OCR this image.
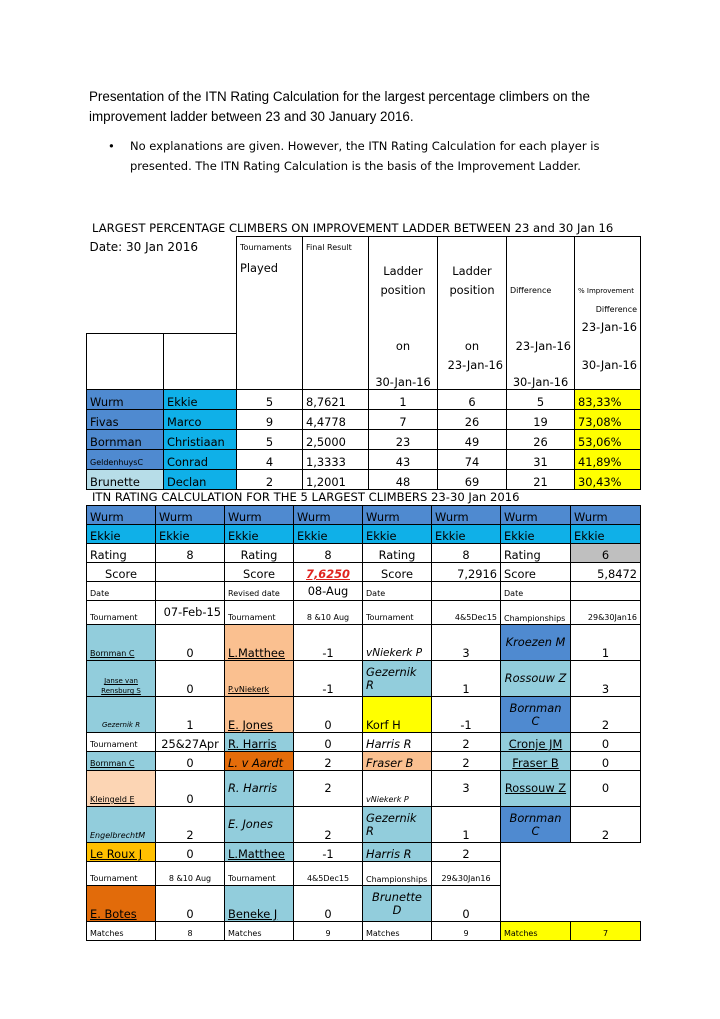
Presentation of the ITN Rating Calculation for the largest percentage climbers on the improvement ladder between 23 and 30 January 2016.
• No explanations are given. However, the ITN Rating Calculation for each player is presented. The ITN Rating Calculation is the basis of the Improvement Ladder.
LARGEST PERCENTAGE CLIMBERS ON IMPROVEMENT LADDER BETWEEN 23 and 30 Jan 16
Date: 30 Jan 2016		Tournaments	Final Result				% Improvement
		Played		Ladder	Ladder		
				position	position	Difference	
							Difference
							23-Jan-16
				on	on	23-Jan-16	
					23-Jan-16		30-Jan-16
				30-Jan-16		30-Jan-16	
Wurm	Ekkie	5	8,7621	1	6	5	83,33%
Fivas	Marco	9	4,4778	7	26	19	73,08%
Bornman	Christiaan	5	2,5000	23	49	26	53,06%
GeldenhuysC	Conrad	4	1,3333	43	74	31	41,89%
Brunette	Declan	2	1,2001	48	69	21	30,43%
ITN RATING CALCULATION FOR THE 5 LARGEST CLIMBERS 23-30 Jan 2016
Wurm	Wurm	Wurm	Wurm	Wurm	Wurm	Wurm	Wurm
Ekkie	Ekkie	Ekkie	Ekkie	Ekkie	Ekkie	Ekkie	Ekkie
Rating	8	Rating	8	Rating	8	Rating	6
Score		Score	7,6250	Score	7,2916	Score	5,8472
Date		Revised date	08-Aug	Date		Date	
Tournament	07-Feb-15	Tournament	8 &10 Aug	Tournament	4&5Dec15	Championships	29&30Jan16
Bornman C	0	L.Matthee	-1	vNiekerk P	3	Kroezen M	1
Janse van Rensburg S	0	P.vNiekerk	-1	Gezernik R	1	Rossouw Z	3
Gezernik R	1	E. Jones	0	Korf H	-1	Bornman C	2
Tournament	25&27Apr	R. Harris	0	Harris R	2	Cronje JM	0
Bornman C	0	L. v Aardt	2	Fraser B	2	Fraser B	0
Kleingeld E	0	R. Harris	2	vNiekerk P	3	Rossouw Z	0
EngelbrechtM	2	E. Jones	2	Gezernik R	1	Bornman C	2
Le Roux J	0	L.Matthee	-1	Harris R	2		
Tournament	8 &10 Aug	Tournament	4&5Dec15	Championships	29&30Jan16		
E. Botes	0	Beneke J	0	Brunette D	0		
Matches	8	Matches	9	Matches	9	Matches	7
